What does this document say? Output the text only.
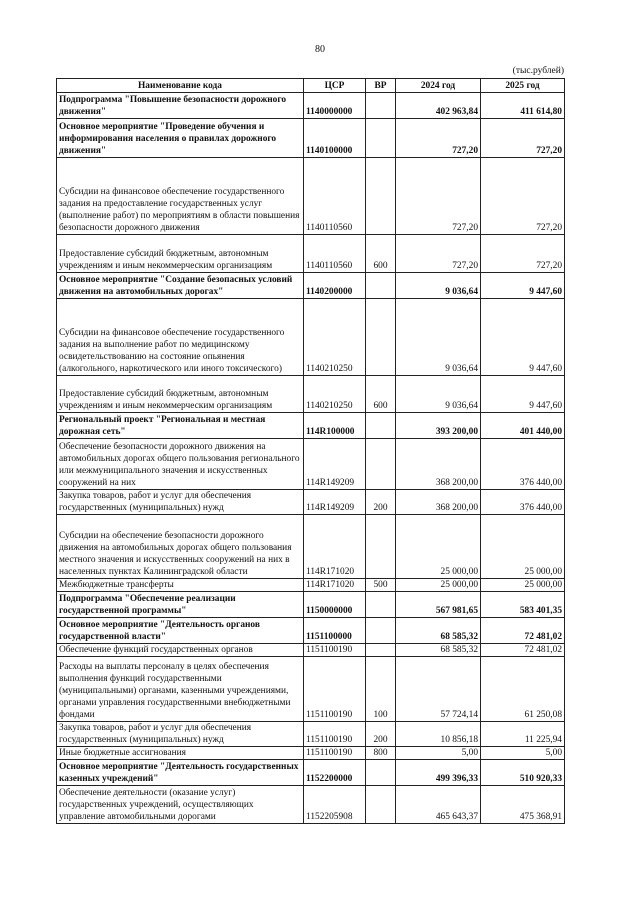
80
(тыс.рублей)
Наименование кода	ЦСР	ВР	2024 год	2025 год
Подпрограмма "Повышение безопасности дорожного движения"	1140000000		402 963,84	411 614,80
Основное мероприятие "Проведение обучения и информирования населения о правилах дорожного движения"	1140100000		727,20	727,20
Субсидии на финансовое обеспечение государственного задания на предоставление государственных услуг (выполнение работ) по мероприятиям в области повышения безопасности дорожного движения	1140110560		727,20	727,20
Предоставление субсидий бюджетным, автономным учреждениям и иным некоммерческим организациям	1140110560	600	727,20	727,20
Основное мероприятие "Создание безопасных условий движения на автомобильных дорогах"	1140200000		9 036,64	9 447,60
Субсидии на финансовое обеспечение государственного задания на выполнение работ по медицинскому освидетельствованию на состояние опьянения (алкогольного, наркотического или иного токсического)	1140210250		9 036,64	9 447,60
Предоставление субсидий бюджетным, автономным учреждениям и иным некоммерческим организациям	1140210250	600	9 036,64	9 447,60
Региональный проект "Региональная и местная дорожная сеть"	114R100000		393 200,00	401 440,00
Обеспечение безопасности дорожного движения на автомобильных дорогах общего пользования регионального или межмуниципального значения и искусственных сооружений на них	114R149209		368 200,00	376 440,00
Закупка товаров, работ и услуг для обеспечения государственных (муниципальных) нужд	114R149209	200	368 200,00	376 440,00
Субсидии на обеспечение безопасности дорожного движения на автомобильных дорогах общего пользования местного значения и искусственных сооружений на них в населенных пунктах Калининградской области	114R171020		25 000,00	25 000,00
Межбюджетные трансферты	114R171020	500	25 000,00	25 000,00
Подпрограмма "Обеспечение реализации государственной программы"	1150000000		567 981,65	583 401,35
Основное мероприятие "Деятельность органов государственной власти"	1151100000		68 585,32	72 481,02
Обеспечение функций государственных органов	1151100190		68 585,32	72 481,02
Расходы на выплаты персоналу в целях обеспечения выполнения функций государственными (муниципальными) органами, казенными учреждениями, органами управления государственными внебюджетными фондами	1151100190	100	57 724,14	61 250,08
Закупка товаров, работ и услуг для обеспечения государственных (муниципальных) нужд	1151100190	200	10 856,18	11 225,94
Иные бюджетные ассигнования	1151100190	800	5,00	5,00
Основное мероприятие "Деятельность государственных казенных учреждений"	1152200000		499 396,33	510 920,33
Обеспечение деятельности (оказание услуг) государственных учреждений, осуществляющих управление автомобильными дорогами	1152205908		465 643,37	475 368,91
